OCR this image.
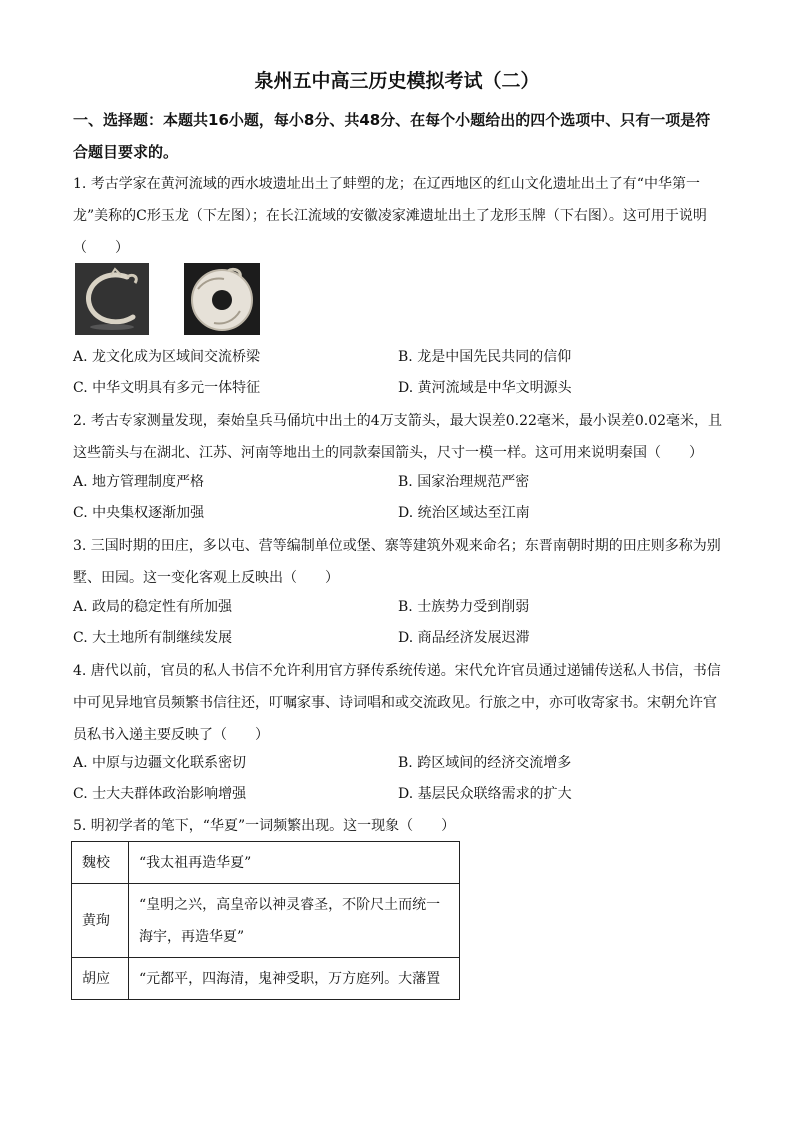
泉州五中高三历史模拟考试（二）
一、选择题：本题共16小题，每小8分、共48分、在每个小题给出的四个选项中、只有一项是符合题目要求的。
1. 考古学家在黄河流域的西水坡遗址出土了蚌塑的龙；在辽西地区的红山文化遗址出土了有“中华第一龙”美称的C形玉龙（下左图）；在长江流域的安徽凌家滩遗址出土了龙形玉牌（下右图）。这可用于说明（　　）
A. 龙文化成为区域间交流桥梁	B. 龙是中国先民共同的信仰
C. 中华文明具有多元一体特征	D. 黄河流域是中华文明源头
2. 考古专家测量发现，秦始皇兵马俑坑中出土的4万支箭头，最大误差0.22毫米，最小误差0.02毫米，且这些箭头与在湖北、江苏、河南等地出土的同款秦国箭头，尺寸一模一样。这可用来说明秦国（　　）
A. 地方管理制度严格	B. 国家治理规范严密
C. 中央集权逐渐加强	D. 统治区域达至江南
3. 三国时期的田庄，多以屯、营等编制单位或堡、寨等建筑外观来命名；东晋南朝时期的田庄则多称为别墅、田园。这一变化客观上反映出（　　）
A. 政局的稳定性有所加强	B. 士族势力受到削弱
C. 大土地所有制继续发展	D. 商品经济发展迟滞
4. 唐代以前，官员的私人书信不允许利用官方驿传系统传递。宋代允许官员通过递铺传送私人书信，书信中可见异地官员频繁书信往还，叮嘱家事、诗词唱和或交流政见。行旅之中，亦可收寄家书。宋朝允许官员私书入递主要反映了（　　）
A. 中原与边疆文化联系密切	B. 跨区域间的经济交流增多
C. 士大夫群体政治影响增强	D. 基层民众联络需求的扩大
5. 明初学者的笔下，“华夏”一词频繁出现。这一现象（　　）
魏校	“我太祖再造华夏”
黄珣	“皇明之兴，高皇帝以神灵睿圣，不阶尺土而统一海宇，再造华夏”
胡应	“元都平，四海清，鬼神受职，万方庭列。大藩置
